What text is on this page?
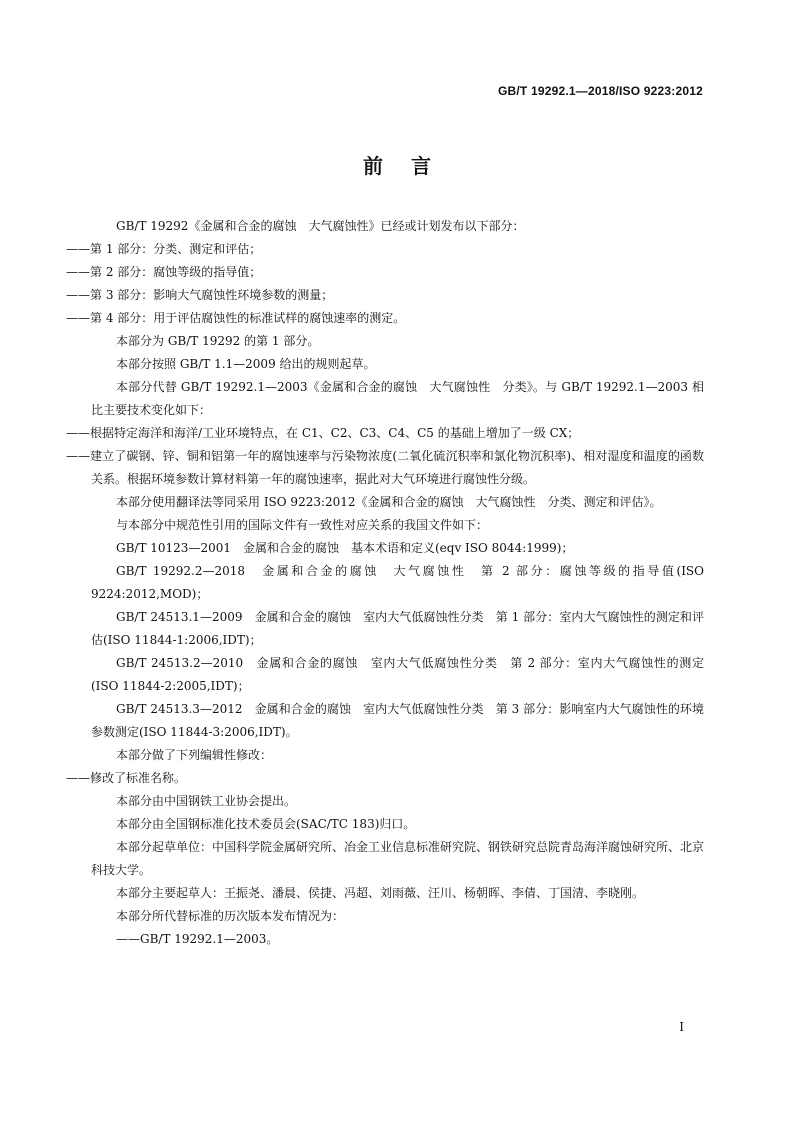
GB/T 19292.1—2018/ISO 9223:2012
前言

GB/T 19292《金属和合金的腐蚀　大气腐蚀性》已经或计划发布以下部分：

——第 1 部分：分类、测定和评估；

——第 2 部分：腐蚀等级的指导值；

——第 3 部分：影响大气腐蚀性环境参数的测量；

——第 4 部分：用于评估腐蚀性的标准试样的腐蚀速率的测定。

本部分为 GB/T 19292 的第 1 部分。

本部分按照 GB/T 1.1—2009 给出的规则起草。

本部分代替 GB/T 19292.1—2003《金属和合金的腐蚀　大气腐蚀性　分类》。与 GB/T 19292.1—2003 相比主要技术变化如下：

——根据特定海洋和海洋/工业环境特点，在 C1、C2、C3、C4、C5 的基础上增加了一级 CX；

——建立了碳钢、锌、铜和铝第一年的腐蚀速率与污染物浓度(二氧化硫沉积率和氯化物沉积率)、相对湿度和温度的函数关系。根据环境参数计算材料第一年的腐蚀速率，据此对大气环境进行腐蚀性分级。

本部分使用翻译法等同采用 ISO 9223:2012《金属和合金的腐蚀　大气腐蚀性　分类、测定和评估》。

与本部分中规范性引用的国际文件有一致性对应关系的我国文件如下：

GB/T 10123—2001　金属和合金的腐蚀　基本术语和定义(eqv ISO 8044:1999)；

GB/T 19292.2—2018　金属和合金的腐蚀　大气腐蚀性　第 2 部分：腐蚀等级的指导值(ISO 9224:2012,MOD)；

GB/T 24513.1—2009　金属和合金的腐蚀　室内大气低腐蚀性分类　第 1 部分：室内大气腐蚀性的测定和评估(ISO 11844-1:2006,IDT)；

GB/T 24513.2—2010　金属和合金的腐蚀　室内大气低腐蚀性分类　第 2 部分：室内大气腐蚀性的测定(ISO 11844-2:2005,IDT)；

GB/T 24513.3—2012　金属和合金的腐蚀　室内大气低腐蚀性分类　第 3 部分：影响室内大气腐蚀性的环境参数测定(ISO 11844-3:2006,IDT)。

本部分做了下列编辑性修改：

——修改了标准名称。

本部分由中国钢铁工业协会提出。

本部分由全国钢标准化技术委员会(SAC/TC 183)归口。

本部分起草单位：中国科学院金属研究所、冶金工业信息标准研究院、钢铁研究总院青岛海洋腐蚀研究所、北京科技大学。

本部分主要起草人：王振尧、潘晨、侯捷、冯超、刘雨薇、汪川、杨朝晖、李倩、丁国清、李晓刚。

本部分所代替标准的历次版本发布情况为：

——GB/T 19292.1—2003。

I
